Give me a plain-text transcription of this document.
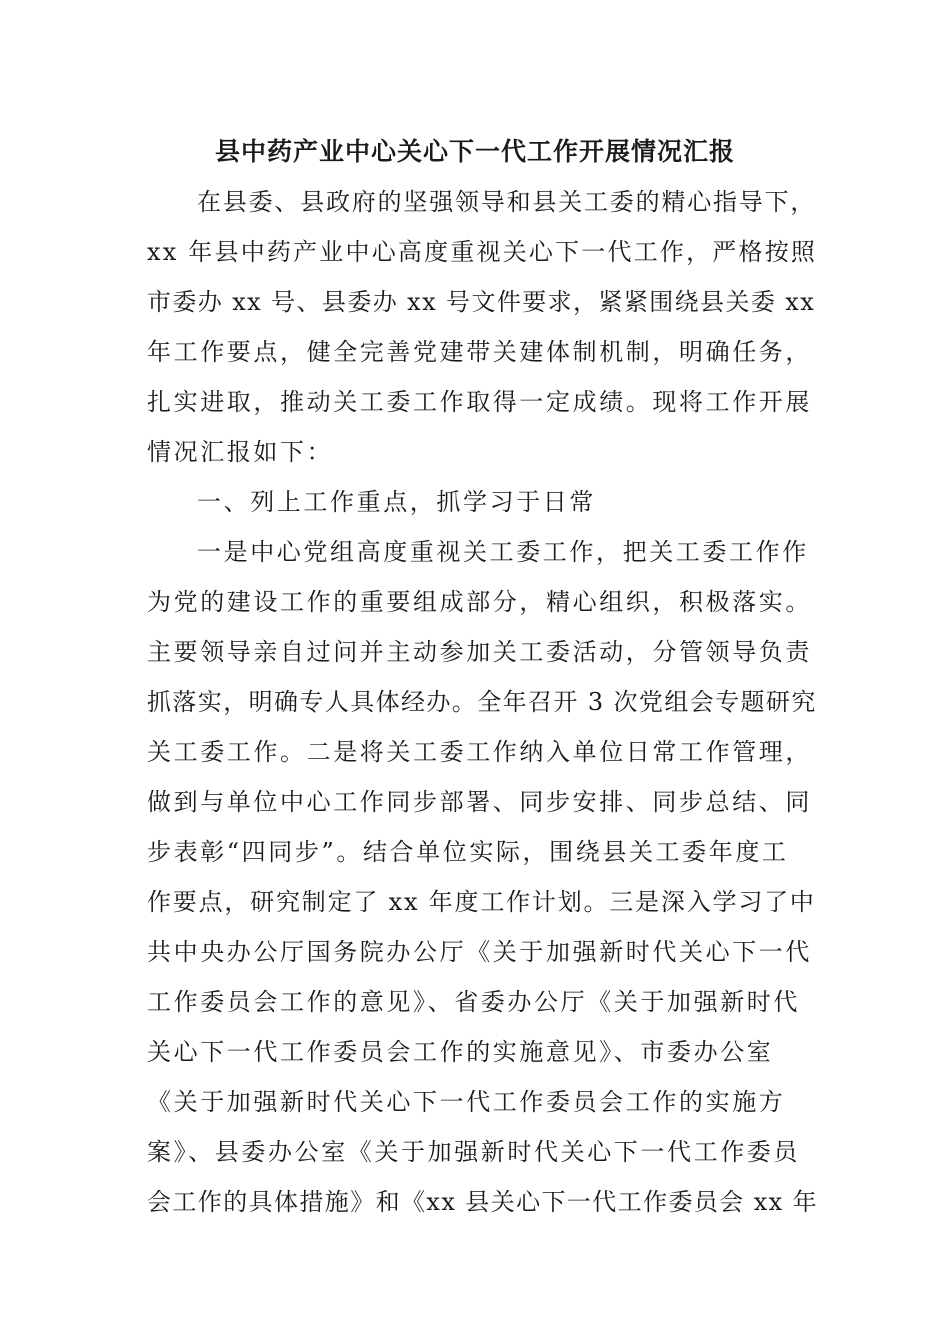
县中药产业中心关心下一代工作开展情况汇报
在县委、县政府的坚强领导和县关工委的精心指导下，
xx 年县中药产业中心高度重视关心下一代工作，严格按照
市委办 xx 号、县委办 xx 号文件要求，紧紧围绕县关委 xx
年工作要点，健全完善党建带关建体制机制，明确任务，
扎实进取，推动关工委工作取得一定成绩。现将工作开展
情况汇报如下：
一、列上工作重点，抓学习于日常
一是中心党组高度重视关工委工作，把关工委工作作
为党的建设工作的重要组成部分，精心组织，积极落实。
主要领导亲自过问并主动参加关工委活动，分管领导负责
抓落实，明确专人具体经办。全年召开 3 次党组会专题研究
关工委工作。二是将关工委工作纳入单位日常工作管理，
做到与单位中心工作同步部署、同步安排、同步总结、同
步表彰“四同步”。结合单位实际，围绕县关工委年度工
作要点，研究制定了 xx 年度工作计划。三是深入学习了中
共中央办公厅国务院办公厅《关于加强新时代关心下一代
工作委员会工作的意见》、省委办公厅《关于加强新时代
关心下一代工作委员会工作的实施意见》、市委办公室
《关于加强新时代关心下一代工作委员会工作的实施方
案》、县委办公室《关于加强新时代关心下一代工作委员
会工作的具体措施》和《xx 县关心下一代工作委员会 xx 年
